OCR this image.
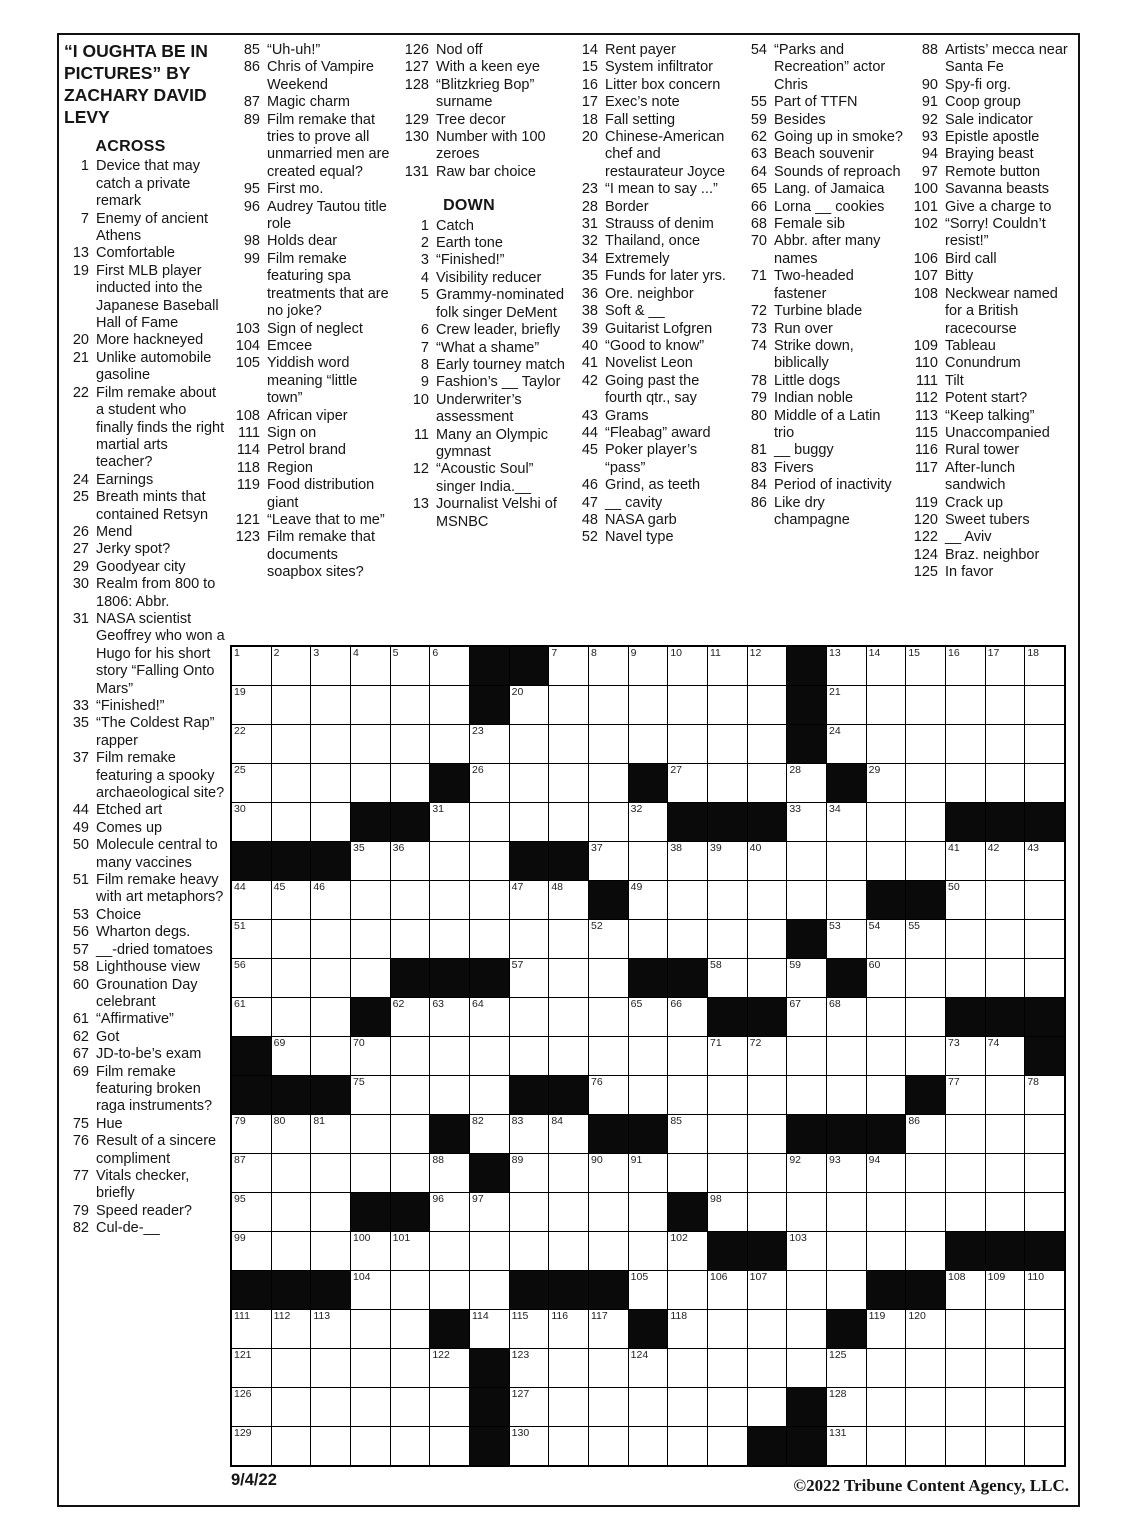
“I OUGHTA BE IN PICTURES” BY ZACHARY DAVID LEVY
ACROSS
1 Device that may catch a private remark
7 Enemy of ancient Athens
13 Comfortable
19 First MLB player inducted into the Japanese Baseball Hall of Fame
20 More hackneyed
21 Unlike automobile gasoline
22 Film remake about a student who finally finds the right martial arts teacher?
24 Earnings
25 Breath mints that contained Retsyn
26 Mend
27 Jerky spot?
29 Goodyear city
30 Realm from 800 to 1806: Abbr.
31 NASA scientist Geoffrey who won a Hugo for his short story “Falling Onto Mars”
33 “Finished!”
35 “The Coldest Rap” rapper
37 Film remake featuring a spooky archaeological site?
44 Etched art
49 Comes up
50 Molecule central to many vaccines
51 Film remake heavy with art metaphors?
53 Choice
56 Wharton degs.
57 __-dried tomatoes
58 Lighthouse view
60 Grounation Day celebrant
61 “Affirmative”
62 Got
67 JD-to-be’s exam
69 Film remake featuring broken raga instruments?
75 Hue
76 Result of a sincere compliment
77 Vitals checker, briefly
79 Speed reader?
82 Cul-de-__
85 “Uh-uh!”
86 Chris of Vampire Weekend
87 Magic charm
89 Film remake that tries to prove all unmarried men are created equal?
95 First mo.
96 Audrey Tautou title role
98 Holds dear
99 Film remake featuring spa treatments that are no joke?
103 Sign of neglect
104 Emcee
105 Yiddish word meaning “little town”
108 African viper
111 Sign on
114 Petrol brand
118 Region
119 Food distribution giant
121 “Leave that to me”
123 Film remake that documents soapbox sites?
126 Nod off
127 With a keen eye
128 “Blitzkrieg Bop” surname
129 Tree decor
130 Number with 100 zeroes
131 Raw bar choice
DOWN
1 Catch
2 Earth tone
3 “Finished!”
4 Visibility reducer
5 Grammy-nominated folk singer DeMent
6 Crew leader, briefly
7 “What a shame”
8 Early tourney match
9 Fashion’s __ Taylor
10 Underwriter’s assessment
11 Many an Olympic gymnast
12 “Acoustic Soul” singer India.__
13 Journalist Velshi of MSNBC
14 Rent payer
15 System infiltrator
16 Litter box concern
17 Exec’s note
18 Fall setting
20 Chinese-American chef and restaurateur Joyce
23 “I mean to say ...”
28 Border
31 Strauss of denim
32 Thailand, once
34 Extremely
35 Funds for later yrs.
36 Ore. neighbor
38 Soft & __
39 Guitarist Lofgren
40 “Good to know”
41 Novelist Leon
42 Going past the fourth qtr., say
43 Grams
44 “Fleabag” award
45 Poker player’s “pass”
46 Grind, as teeth
47 __ cavity
48 NASA garb
52 Navel type
54 “Parks and Recreation” actor Chris
55 Part of TTFN
59 Besides
62 Going up in smoke?
63 Beach souvenir
64 Sounds of reproach
65 Lang. of Jamaica
66 Lorna __ cookies
68 Female sib
70 Abbr. after many names
71 Two-headed fastener
72 Turbine blade
73 Run over
74 Strike down, biblically
78 Little dogs
79 Indian noble
80 Middle of a Latin trio
81 __ buggy
83 Fivers
84 Period of inactivity
86 Like dry champagne
88 Artists’ mecca near Santa Fe
90 Spy-fi org.
91 Coop group
92 Sale indicator
93 Epistle apostle
94 Braying beast
97 Remote button
100 Savanna beasts
101 Give a charge to
102 “Sorry! Couldn’t resist!”
106 Bird call
107 Bitty
108 Neckwear named for a British racecourse
109 Tableau
110 Conundrum
111 Tilt
112 Potent start?
113 “Keep talking”
115 Unaccompanied
116 Rural tower
117 After-lunch sandwich
119 Crack up
120 Sweet tubers
122 __ Aviv
124 Braz. neighbor
125 In favor
1	2	3	4	5	6	7	8	9	10	11	12	13	14	15	16	17	18
19	20	21
22	23	24
25	26	27	28	29
30	31	32	33	34
35	36	37	38	39	40	41	42	43
44	45	46	47	48	49	50
51	52	53	54	55
56	57	58	59	60
61	62	63	64	65	66	67	68
69	70	71	72	73	74
75	76	77	78
79	80	81	82	83	84	85	86
87	88	89	90	91	92	93	94
95	96	97	98
99	100 101	102	103
104	105	106 107	108 109 110
111 112 113	114 115 116 117	118	119 120
121	122	123	124	125
126	127	128
129	130	131
9/4/22	©2022 Tribune Content Agency, LLC.
